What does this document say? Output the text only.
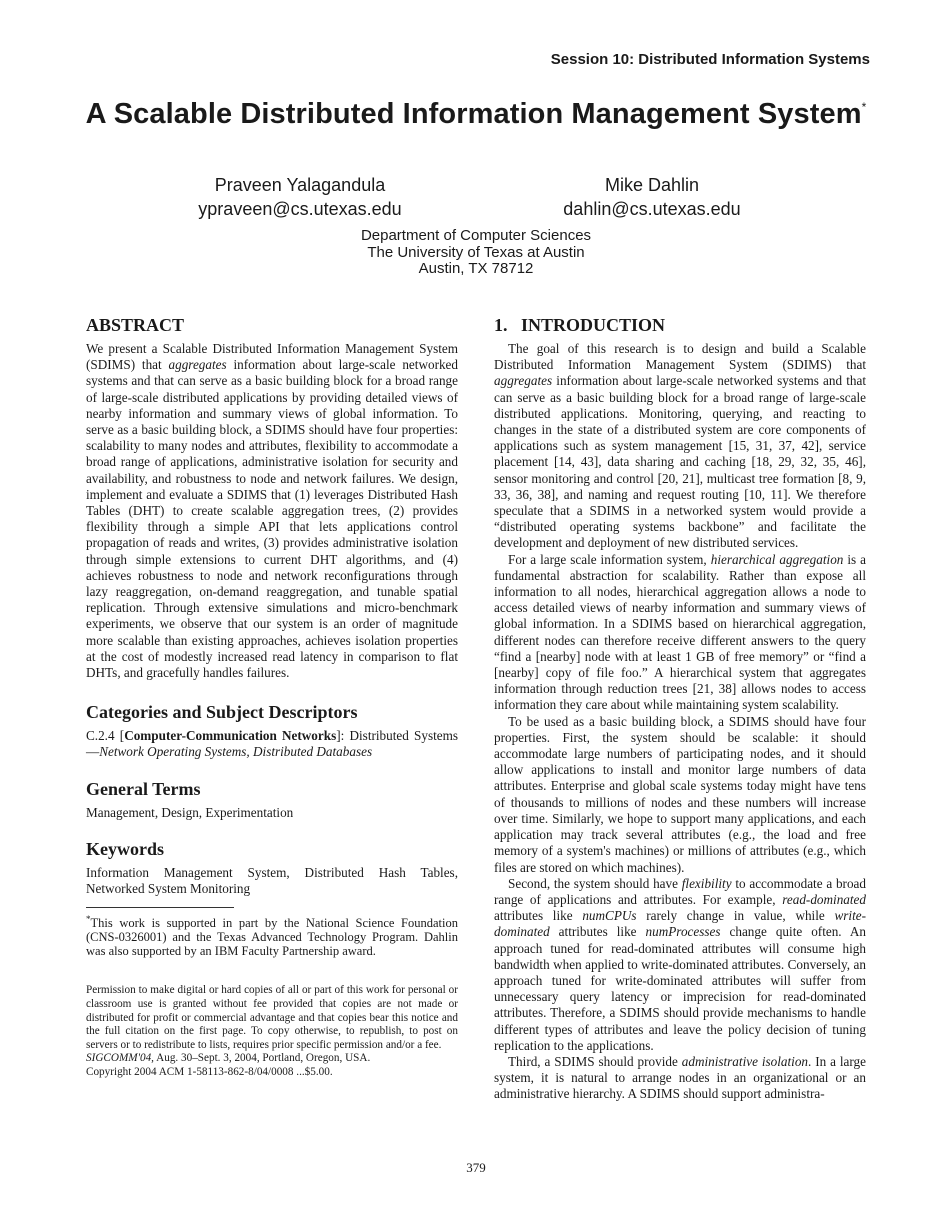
Session 10: Distributed Information Systems
A Scalable Distributed Information Management System*
Praveen Yalagandula
ypraveen@cs.utexas.edu
Mike Dahlin
dahlin@cs.utexas.edu
Department of Computer Sciences
The University of Texas at Austin
Austin, TX 78712
ABSTRACT

We present a Scalable Distributed Information Management System (SDIMS) that aggregates information about large-scale networked systems and that can serve as a basic building block for a broad range of large-scale distributed applications by providing detailed views of nearby information and summary views of global information. To serve as a basic building block, a SDIMS should have four properties: scalability to many nodes and attributes, flexibility to accommodate a broad range of applications, administrative isolation for security and availability, and robustness to node and network failures. We design, implement and evaluate a SDIMS that (1) leverages Distributed Hash Tables (DHT) to create scalable aggregation trees, (2) provides flexibility through a simple API that lets applications control propagation of reads and writes, (3) provides administrative isolation through simple extensions to current DHT algorithms, and (4) achieves robustness to node and network reconfigurations through lazy reaggregation, on-demand reaggregation, and tunable spatial replication. Through extensive simulations and micro-benchmark experiments, we observe that our system is an order of magnitude more scalable than existing approaches, achieves isolation properties at the cost of modestly increased read latency in comparison to flat DHTs, and gracefully handles failures.

Categories and Subject Descriptors

C.2.4 [Computer-Communication Networks]: Distributed Systems—Network Operating Systems, Distributed Databases

General Terms

Management, Design, Experimentation

Keywords

Information Management System, Distributed Hash Tables, Networked System Monitoring

*This work is supported in part by the National Science Foundation (CNS-0326001) and the Texas Advanced Technology Program. Dahlin was also supported by an IBM Faculty Partnership award.

Permission to make digital or hard copies of all or part of this work for personal or classroom use is granted without fee provided that copies are not made or distributed for profit or commercial advantage and that copies bear this notice and the full citation on the first page. To copy otherwise, to republish, to post on servers or to redistribute to lists, requires prior specific permission and/or a fee.

SIGCOMM'04, Aug. 30–Sept. 3, 2004, Portland, Oregon, USA.

Copyright 2004 ACM 1-58113-862-8/04/0008 ...$5.00.

1.   INTRODUCTION

The goal of this research is to design and build a Scalable Distributed Information Management System (SDIMS) that aggregates information about large-scale networked systems and that can serve as a basic building block for a broad range of large-scale distributed applications. Monitoring, querying, and reacting to changes in the state of a distributed system are core components of applications such as system management [15, 31, 37, 42], service placement [14, 43], data sharing and caching [18, 29, 32, 35, 46], sensor monitoring and control [20, 21], multicast tree formation [8, 9, 33, 36, 38], and naming and request routing [10, 11]. We therefore speculate that a SDIMS in a networked system would provide a “distributed operating systems backbone” and facilitate the development and deployment of new distributed services.

For a large scale information system, hierarchical aggregation is a fundamental abstraction for scalability. Rather than expose all information to all nodes, hierarchical aggregation allows a node to access detailed views of nearby information and summary views of global information. In a SDIMS based on hierarchical aggregation, different nodes can therefore receive different answers to the query “find a [nearby] node with at least 1 GB of free memory” or “find a [nearby] copy of file foo.” A hierarchical system that aggregates information through reduction trees [21, 38] allows nodes to access information they care about while maintaining system scalability.

To be used as a basic building block, a SDIMS should have four properties. First, the system should be scalable: it should accommodate large numbers of participating nodes, and it should allow applications to install and monitor large numbers of data attributes. Enterprise and global scale systems today might have tens of thousands to millions of nodes and these numbers will increase over time. Similarly, we hope to support many applications, and each application may track several attributes (e.g., the load and free memory of a system's machines) or millions of attributes (e.g., which files are stored on which machines).

Second, the system should have flexibility to accommodate a broad range of applications and attributes. For example, read-dominated attributes like numCPUs rarely change in value, while write-dominated attributes like numProcesses change quite often. An approach tuned for read-dominated attributes will consume high bandwidth when applied to write-dominated attributes. Conversely, an approach tuned for write-dominated attributes will suffer from unnecessary query latency or imprecision for read-dominated attributes. Therefore, a SDIMS should provide mechanisms to handle different types of attributes and leave the policy decision of tuning replication to the applications.

Third, a SDIMS should provide administrative isolation. In a large system, it is natural to arrange nodes in an organizational or an administrative hierarchy. A SDIMS should support administra-

379
